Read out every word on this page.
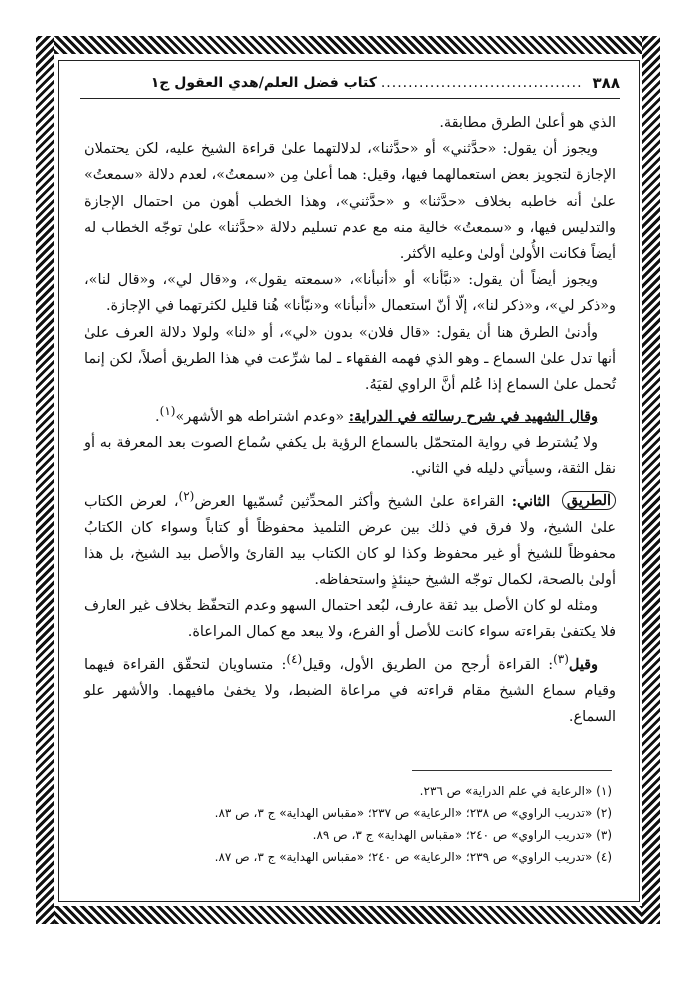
٣٨٨
.....................................
كتاب فضل العلم/هدي العقول ج١

الذي هو أعلىٰ الطرق مطابقة.

ويجوز أن يقول: «حدَّثني» أو «حدَّثنا»، لدلالتهما علىٰ قراءة الشيخ عليه، لكن يحتملان الإجازة لتجويز بعض استعمالهما فيها، وقيل: هما أعلىٰ مِن «سمعتُ»، لعدم دلالة «سمعتُ» علىٰ أنه خاطبه بخلاف «حدَّثنا» و «حدَّثني»، وهذا الخطب أهون من احتمال الإجازة والتدليس فيها، و «سمعتُ» خالية منه مع عدم تسليم دلالة «حدَّثنا» علىٰ توجّه الخطاب له أيضاً فكانت الأُولىٰ أولىٰ وعليه الأكثر.

ويجوز أيضاً أن يقول: «نبَّأنا» أو «أنبأنا»، «سمعته يقول»، و«قال لي»، و«قال لنا»، و«ذكر لي»، و«ذكر لنا»، إلّا أنّ استعمال «أنبأنا» و«نبّأنا» هُنا قليل لكثرتهما في الإجازة.

وأدنىٰ الطرق هنا أن يقول: «قال فلان» بدون «لي»، أو «لنا» ولولا دلالة العرف علىٰ أنها تدل علىٰ السماع ـ وهو الذي فهمه الفقهاء ـ لما شرِّعت في هذا الطريق أصلاً، لكن إنما تُحمل علىٰ السماع إذا عُلم أنَّ الراوي لقيَهُ.

وقال الشهيد في شرح رسالته في الدراية: «وعدم اشتراطه هو الأشهر»$^{(١)}$.

ولا يُشترط في رواية المتحمّل بالسماع الرؤية بل يكفي سُماع الصوت بعد المعرفة به أو نقل الثقة، وسيأتي دليله في الثاني.

الطريق الثاني: القراءة علىٰ الشيخ وأكثر المحدِّثين تُسمّيها العرض$^{(٢)}$، لعرض الكتاب علىٰ الشيخ، ولا فرق في ذلك بين عرض التلميذ محفوظاً أو كتاباً وسواء كان الكتابُ محفوظاً للشيخ أو غير محفوظ وكذا لو كان الكتاب بيد القارئ والأصل بيد الشيخ، بل هذا أولىٰ بالصحة، لكمال توجّه الشيخ حينئذٍ واستحفاظه.

ومثله لو كان الأصل بيد ثقة عارف، لبُعد احتمال السهو وعدم التحفّظ بخلاف غير العارف فلا يكتفىٰ بقراءته سواء كانت للأصل أو الفرع، ولا يبعد مع كمال المراعاة.

وقيل$^{(٣)}$: القراءة أرجح من الطريق الأول، وقيل$^{(٤)}$: متساويان لتحقّق القراءة فيهما وقيام سماع الشيخ مقام قراءته في مراعاة الضبط، ولا يخفىٰ مافيهما. والأشهر علو السماع.

(١) «الرعاية في علم الدراية» ص ٢٣٦.
(٢) «تدريب الراوي» ص ٢٣٨؛ «الرعاية» ص ٢٣٧؛ «مقباس الهداية» ج ٣، ص ٨٣.
(٣) «تدريب الراوي» ص ٢٤٠؛ «مقباس الهداية» ج ٣، ص ٨٩.
(٤) «تدريب الراوي» ص ٢٣٩؛ «الرعاية» ص ٢٤٠؛ «مقباس الهداية» ج ٣، ص ٨٧.
